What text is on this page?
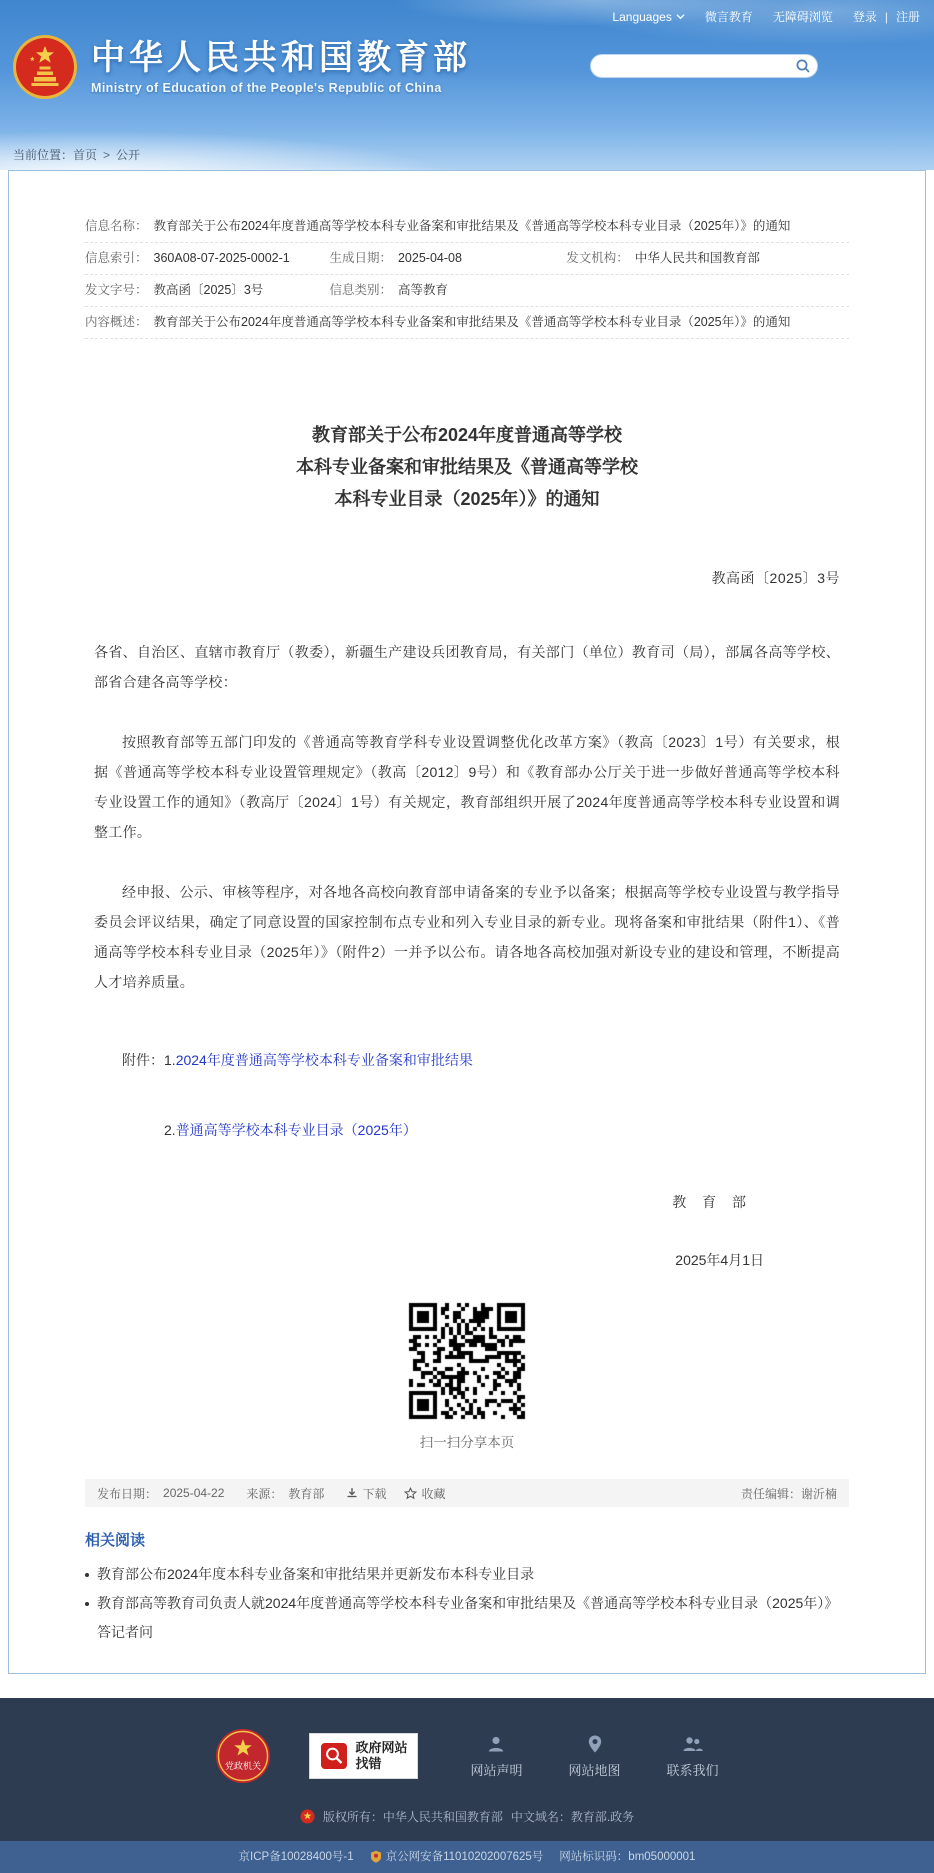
Languages	微言教育 无障碍浏览 登录 | 注册
中华人民共和国教育部
Ministry of Education of the People's Republic of China
当前位置：首页 > 公开
信息名称： 教育部关于公布2024年度普通高等学校本科专业备案和审批结果及《普通高等学校本科专业目录（2025年）》的通知
信息索引： 360A08-07-2025-0002-1	生成日期： 2025-04-08	发文机构： 中华人民共和国教育部
发文字号： 教高函〔2025〕3号	信息类别： 高等教育
内容概述： 教育部关于公布2024年度普通高等学校本科专业备案和审批结果及《普通高等学校本科专业目录（2025年）》的通知
教育部关于公布2024年度普通高等学校
本科专业备案和审批结果及《普通高等学校
本科专业目录（2025年）》的通知
教高函〔2025〕3号

各省、自治区、直辖市教育厅（教委），新疆生产建设兵团教育局，有关部门（单位）教育司（局），部属各高等学校、部省合建各高等学校：

按照教育部等五部门印发的《普通高等教育学科专业设置调整优化改革方案》（教高〔2023〕1号）有关要求，根据《普通高等学校本科专业设置管理规定》（教高〔2012〕9号）和《教育部办公厅关于进一步做好普通高等学校本科专业设置工作的通知》（教高厅〔2024〕1号）有关规定，教育部组织开展了2024年度普通高等学校本科专业设置和调整工作。

经申报、公示、审核等程序，对各地各高校向教育部申请备案的专业予以备案；根据高等学校专业设置与教学指导委员会评议结果，确定了同意设置的国家控制布点专业和列入专业目录的新专业。现将备案和审批结果（附件1）、《普通高等学校本科专业目录（2025年）》（附件2）一并予以公布。请各地各高校加强对新设专业的建设和管理，不断提高人才培养质量。

附件：1.2024年度普通高等学校本科专业备案和审批结果
2.普通高等学校本科专业目录（2025年）
教 育 部
2025年4月1日
扫一扫分享本页
发布日期： 2025-04-22 来源： 教育部	下载	收藏	责任编辑：谢沂楠
相关阅读
教育部公布2024年度本科专业备案和审批结果并更新发布本科专业目录
教育部高等教育司负责人就2024年度普通高等学校本科专业备案和审批结果及《普通高等学校本科专业目录（2025年）》答记者问
党政机关
政府网站
找错	网站声明	网站地图	联系我们
版权所有：中华人民共和国教育部 中文域名：教育部.政务
京ICP备10028400号-1	京公网安备11010202007625号 网站标识码：bm05000001
